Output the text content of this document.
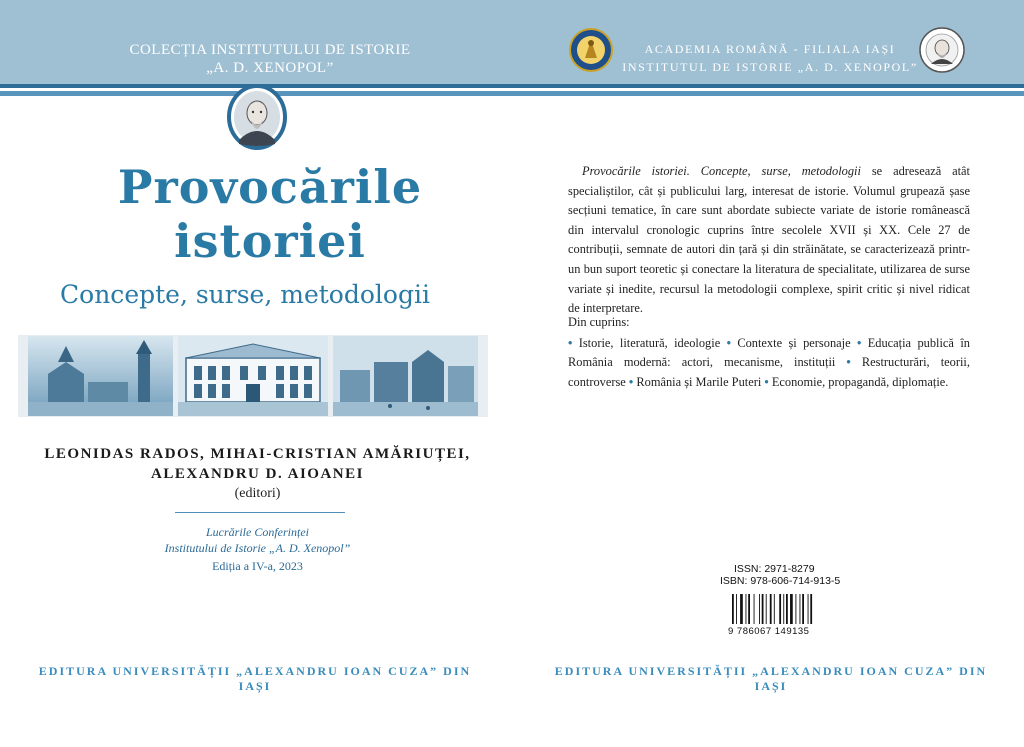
COLECȚIA INSTITUTULUI DE ISTORIE
„A. D. XENOPOL”
Provocările
istoriei
Concepte, surse, metodologii
LEONIDAS RADOS, MIHAI-CRISTIAN AMĂRIUȚEI,
ALEXANDRU D. AIOANEI
(editori)
Lucrările Conferinței
Institutului de Istorie „A. D. Xenopol”
Ediția a IV-a, 2023
EDITURA UNIVERSITĂȚII „ALEXANDRU IOAN CUZA” DIN IAȘI
ACADEMIA ROMÂNĂ - FILIALA IAȘI
INSTITUTUL DE ISTORIE „A. D. XENOPOL”

Provocările istoriei. Concepte, surse, metodologii se adresează atât specialiștilor, cât și publicului larg, interesat de istorie. Volumul grupează șase secțiuni tematice, în care sunt abordate subiecte variate de istorie românească din intervalul cronologic cuprins între secolele XVII și XX. Cele 27 de contribuții, semnate de autori din țară și din străinătate, se caracterizează printr-un bun suport teoretic și conectare la literatura de specialitate, utilizarea de surse variate și inedite, recursul la metodologii complexe, spirit critic și nivel ridicat de interpretare.

Din cuprins:

• Istorie, literatură, ideologie • Contexte și personaje • Educația publică în România modernă: actori, mecanisme, instituții • Restructurări, teorii, controverse • România și Marile Puteri • Economie, propagandă, diplomație.

ISSN: 2971-8279
ISBN: 978-606-714-913-5
9 786067 149135
EDITURA UNIVERSITĂȚII „ALEXANDRU IOAN CUZA” DIN IAȘI
